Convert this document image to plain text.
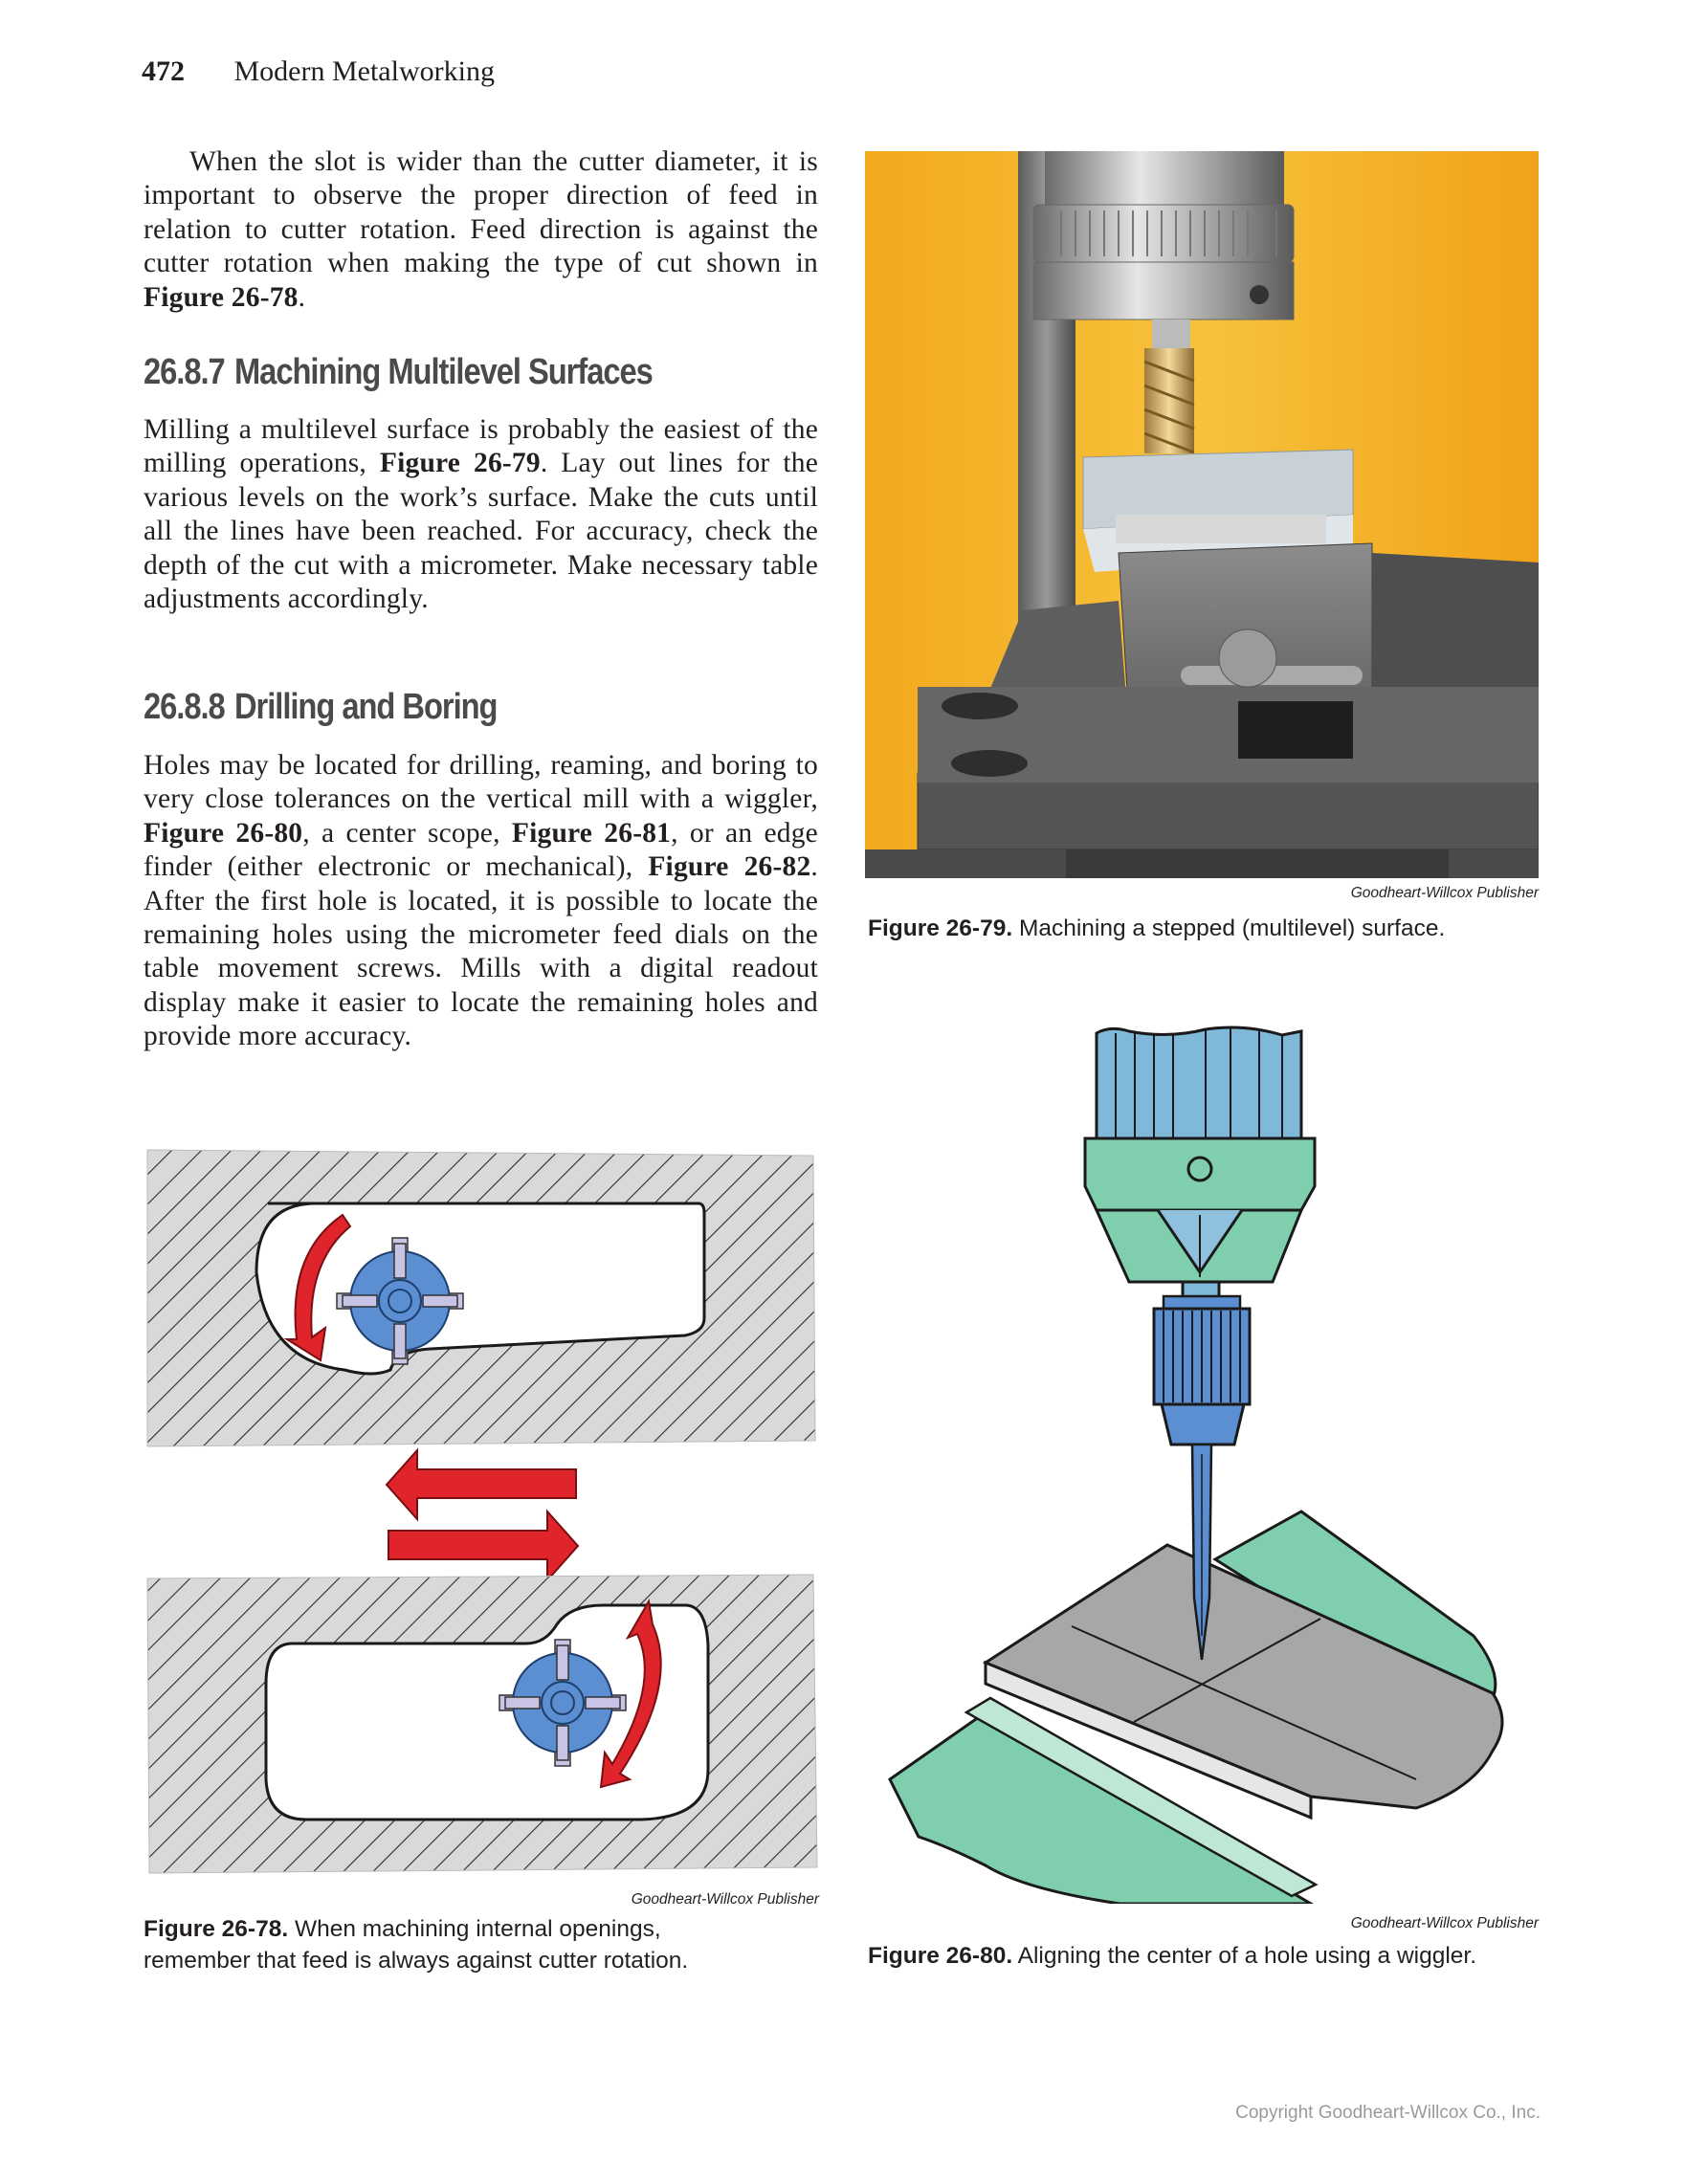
472 Modern Metalworking

When the slot is wider than the cutter diameter, it is important to observe the proper direction of feed in relation to cutter rotation. Feed direction is against the cutter rotation when making the type of cut shown in Figure 26-78.

26.8.7 Machining Multilevel Surfaces

Milling a multilevel surface is probably the easiest of the milling operations, Figure 26-79. Lay out lines for the various levels on the work’s surface. Make the cuts until all the lines have been reached. For accuracy, check the depth of the cut with a micrometer. Make necessary table adjustments accordingly.

26.8.8 Drilling and Boring

Holes may be located for drilling, reaming, and boring to very close tolerances on the vertical mill with a wiggler, Figure 26-80, a center scope, Figure 26-81, or an edge finder (either electronic or mechanical), Figure 26-82. After the first hole is located, it is possible to locate the remaining holes using the micrometer feed dials on the table movement screws. Mills with a digital readout display make it easier to locate the remaining holes and provide more accuracy.

Goodheart-Willcox Publisher
Figure 26-79. Machining a stepped (multilevel) surface.
Goodheart-Willcox Publisher
Figure 26-78. When machining internal openings,
remember that feed is always against cutter rotation.
Goodheart-Willcox Publisher
Figure 26-80. Aligning the center of a hole using a wiggler.
Copyright Goodheart-Willcox Co., Inc.
